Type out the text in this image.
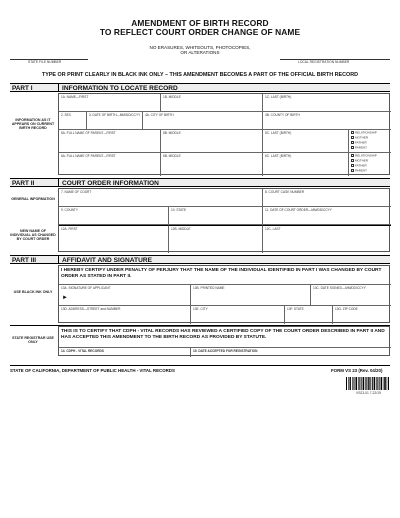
AMENDMENT OF BIRTH RECORD
TO REFLECT COURT ORDER CHANGE OF NAME
NO ERASURES, WHITEOUTS, PHOTOCOPIES,
OR ALTERATIONS
STATE FILE NUMBER	LOCAL REGISTRATION NUMBER
TYPE OR PRINT CLEARLY IN BLACK INK ONLY – THIS AMENDMENT BECOMES A PART OF THE OFFICIAL BIRTH RECORD
PART I	INFORMATION TO LOCATE RECORD
INFORMATION AS IT APPEARS ON CURRENT BIRTH RECORD
1A. NAME—FIRST	1B. MIDDLE	1C. LAST (BIRTH)
2. SEX	3. DATE OF BIRTH—MM/DD/CCYY 4A. CITY OF BIRTH	4B. COUNTY OF BIRTH
5A. FULL NAME OF PARENT—FIRST	5B. MIDDLE	5C. LAST (BIRTH)	RELATIONSHIP
MOTHER
FATHER
PARENT
6A. FULL NAME OF PARENT—FIRST	6B. MIDDLE	6C. LAST (BIRTH)	RELATIONSHIP
MOTHER
FATHER
PARENT
PART II	COURT ORDER INFORMATION
GENERAL INFORMATION
NEW NAME OF INDIVIDUAL AS CHANGED BY COURT ORDER
7. NAME OF COURT	8. COURT CASE NUMBER
9. COUNTY	10. STATE	11. DATE OF COURT ORDER—MM/DD/CCYY
12A. FIRST	12B. MIDDLE	12C. LAST
PART III	AFFIDAVIT AND SIGNATURE
USE BLACK INK ONLY
I HEREBY CERTIFY UNDER PENALTY OF PERJURY THAT THE NAME OF THE INDIVIDUAL IDENTIFIED IN PART I WAS CHANGED BY COURT ORDER AS STATED IN PART II.
13A. SIGNATURE OF APPLICANT
►
13B. PRINTED NAME	13C. DATE SIGNED—MM/DD/CCYY
13D. ADDRESS—STREET and NUMBER	13E. CITY	13F. STATE	13G. ZIP CODE
STATE REGISTRAR USE ONLY
THIS IS TO CERTIFY THAT CDPH - VITAL RECORDS HAS REVIEWED A CERTIFIED COPY OF THE COURT ORDER DESCRIBED IN PART II AND HAS ACCEPTED THIS AMENDMENT TO THE BIRTH RECORD AS PROVIDED BY STATUTE.
14. CDPH - VITAL RECORDS	15. DATE ACCEPTED FOR REGISTRATION
STATE OF CALIFORNIA, DEPARTMENT OF PUBLIC HEALTH - VITAL RECORDS	FORM VS 23 (Rev. 04/20)
VS23-01 7-22/19
